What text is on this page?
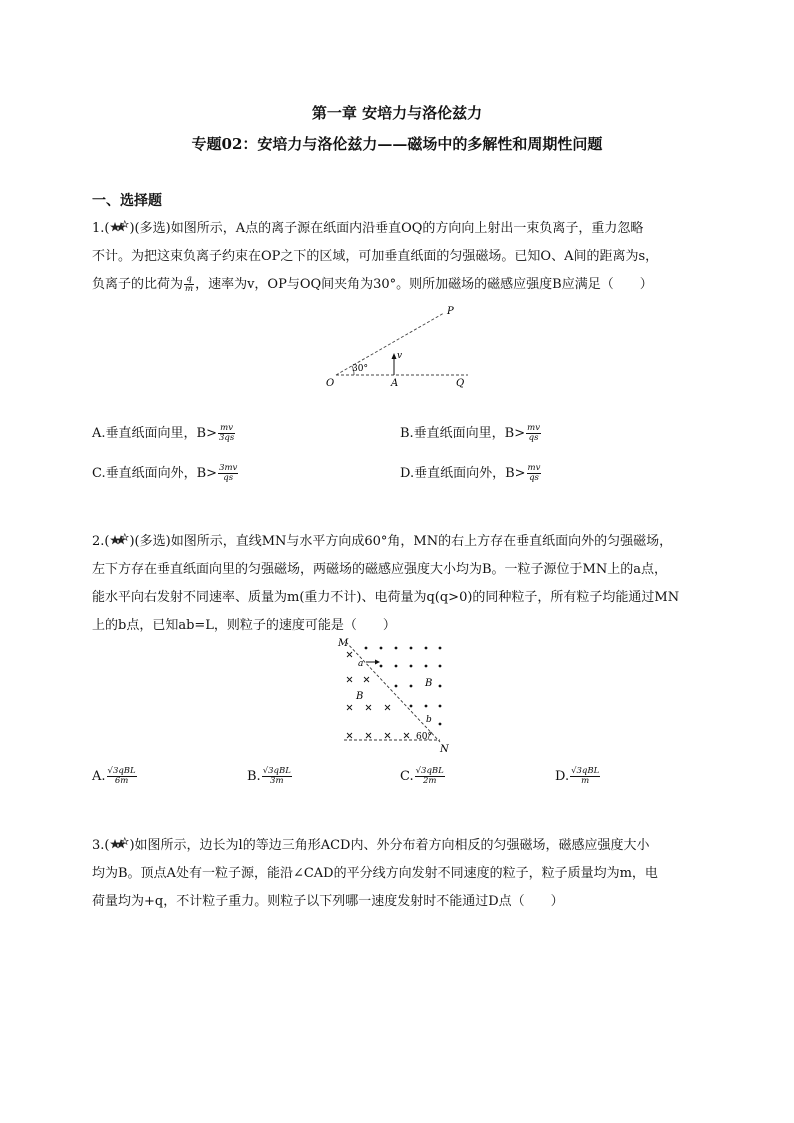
第一章 安培力与洛伦兹力
专题02：安培力与洛伦兹力——磁场中的多解性和周期性问题
一、选择题
1.( )(多选)如图所示，A点的离子源在纸面内沿垂直OQ的方向向上射出一束负离子，重力忽略
不计。为把这束负离子约束在OP之下的区域，可加垂直纸面的匀强磁场。已知O、A间的距离为s，
负离子的比荷为 $\frac{q}{m}$ ，速率为v，OP与OQ间夹角为30°。则所加磁场的磁感应强度B应满足（　　）
O	A	Q
P
v
30°
A.垂直纸面向里，$B> \frac{mv}{3qs}$	B.垂直纸面向里，$B> \frac{mv}{qs}$
C.垂直纸面向外，$B> \frac{3mv}{qs}$	D.垂直纸面向外，$B> \frac{mv}{qs}$
2.( )(多选)如图所示，直线MN与水平方向成60°角，MN的右上方存在垂直纸面向外的匀强磁场，
左下方存在垂直纸面向里的匀强磁场，两磁场的磁感应强度大小均为B。一粒子源位于MN上的a点，
能水平向右发射不同速率、质量为m(重力不计)、电荷量为q(q>0)的同种粒子，所有粒子均能通过MN
上的b点，已知ab=L，则粒子的速度可能是（　　）
M
N
a
b
B
B
60°
A. $\frac{\text{√3qBL}}{6m}$	B. $\frac{\text{√3qBL}}{3m}$	C. $\frac{\text{√3qBL}}{2m}$	D. $\frac{\text{√3qBL}}{m}$
3.( )如图所示，边长为l的等边三角形ACD内、外分布着方向相反的匀强磁场，磁感应强度大小
均为B。顶点A处有一粒子源，能沿∠CAD的平分线方向发射不同速度的粒子，粒子质量均为m，电
荷量均为+q，不计粒子重力。则粒子以下列哪一速度发射时不能通过D点（　　）
